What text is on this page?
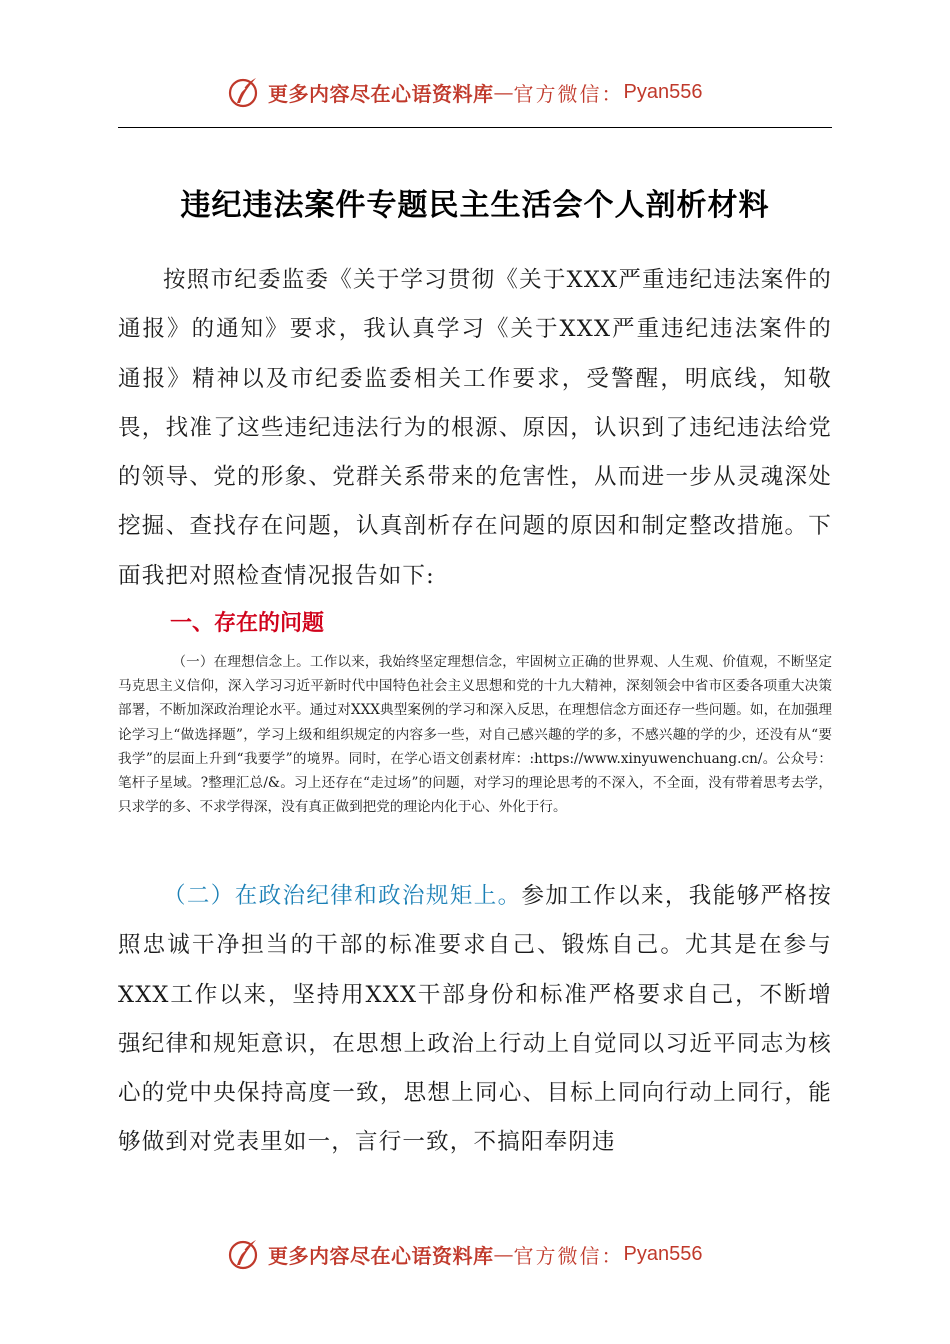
更多内容尽在心语资料库 — 官方微信： Pyan556
违纪违法案件专题民主生活会个人剖析材料

按照市纪委监委《关于学习贯彻《关于XXX严重违纪违法案件的通报》的通知》要求，我认真学习《关于XXX严重违纪违法案件的通报》精神以及市纪委监委相关工作要求，受警醒，明底线，知敬畏，找准了这些违纪违法行为的根源、原因，认识到了违纪违法给党的领导、党的形象、党群关系带来的危害性，从而进一步从灵魂深处挖掘、查找存在问题，认真剖析存在问题的原因和制定整改措施。下面我把对照检查情况报告如下:

一、存在的问题

（一）在理想信念上。工作以来，我始终坚定理想信念，牢固树立正确的世界观、人生观、价值观，不断坚定马克思主义信仰，深入学习习近平新时代中国特色社会主义思想和党的十九大精神，深刻领会中省市区委各项重大决策部署，不断加深政治理论水平。通过对XXX典型案例的学习和深入反思，在理想信念方面还存一些问题。如，在加强理论学习上“做选择题”，学习上级和组织规定的内容多一些，对自己感兴趣的学的多，不感兴趣的学的少，还没有从“要我学”的层面上升到“我要学”的境界。同时，在学心语文创素材库：:https://www.xinyuwenchuang.cn/。公众号：笔杆子星域。?整理汇总/&。习上还存在“走过场”的问题，对学习的理论思考的不深入，不全面，没有带着思考去学，只求学的多、不求学得深，没有真正做到把党的理论内化于心、外化于行。

（二）在政治纪律和政治规矩上。参加工作以来，我能够严格按照忠诚干净担当的干部的标准要求自己、锻炼自己。尤其是在参与XXX工作以来，坚持用XXX干部身份和标准严格要求自己，不断增强纪律和规矩意识，在思想上政治上行动上自觉同以习近平同志为核心的党中央保持高度一致，思想上同心、目标上同向行动上同行，能够做到对党表里如一，言行一致，不搞阳奉阴违

更多内容尽在心语资料库 — 官方微信： Pyan556
